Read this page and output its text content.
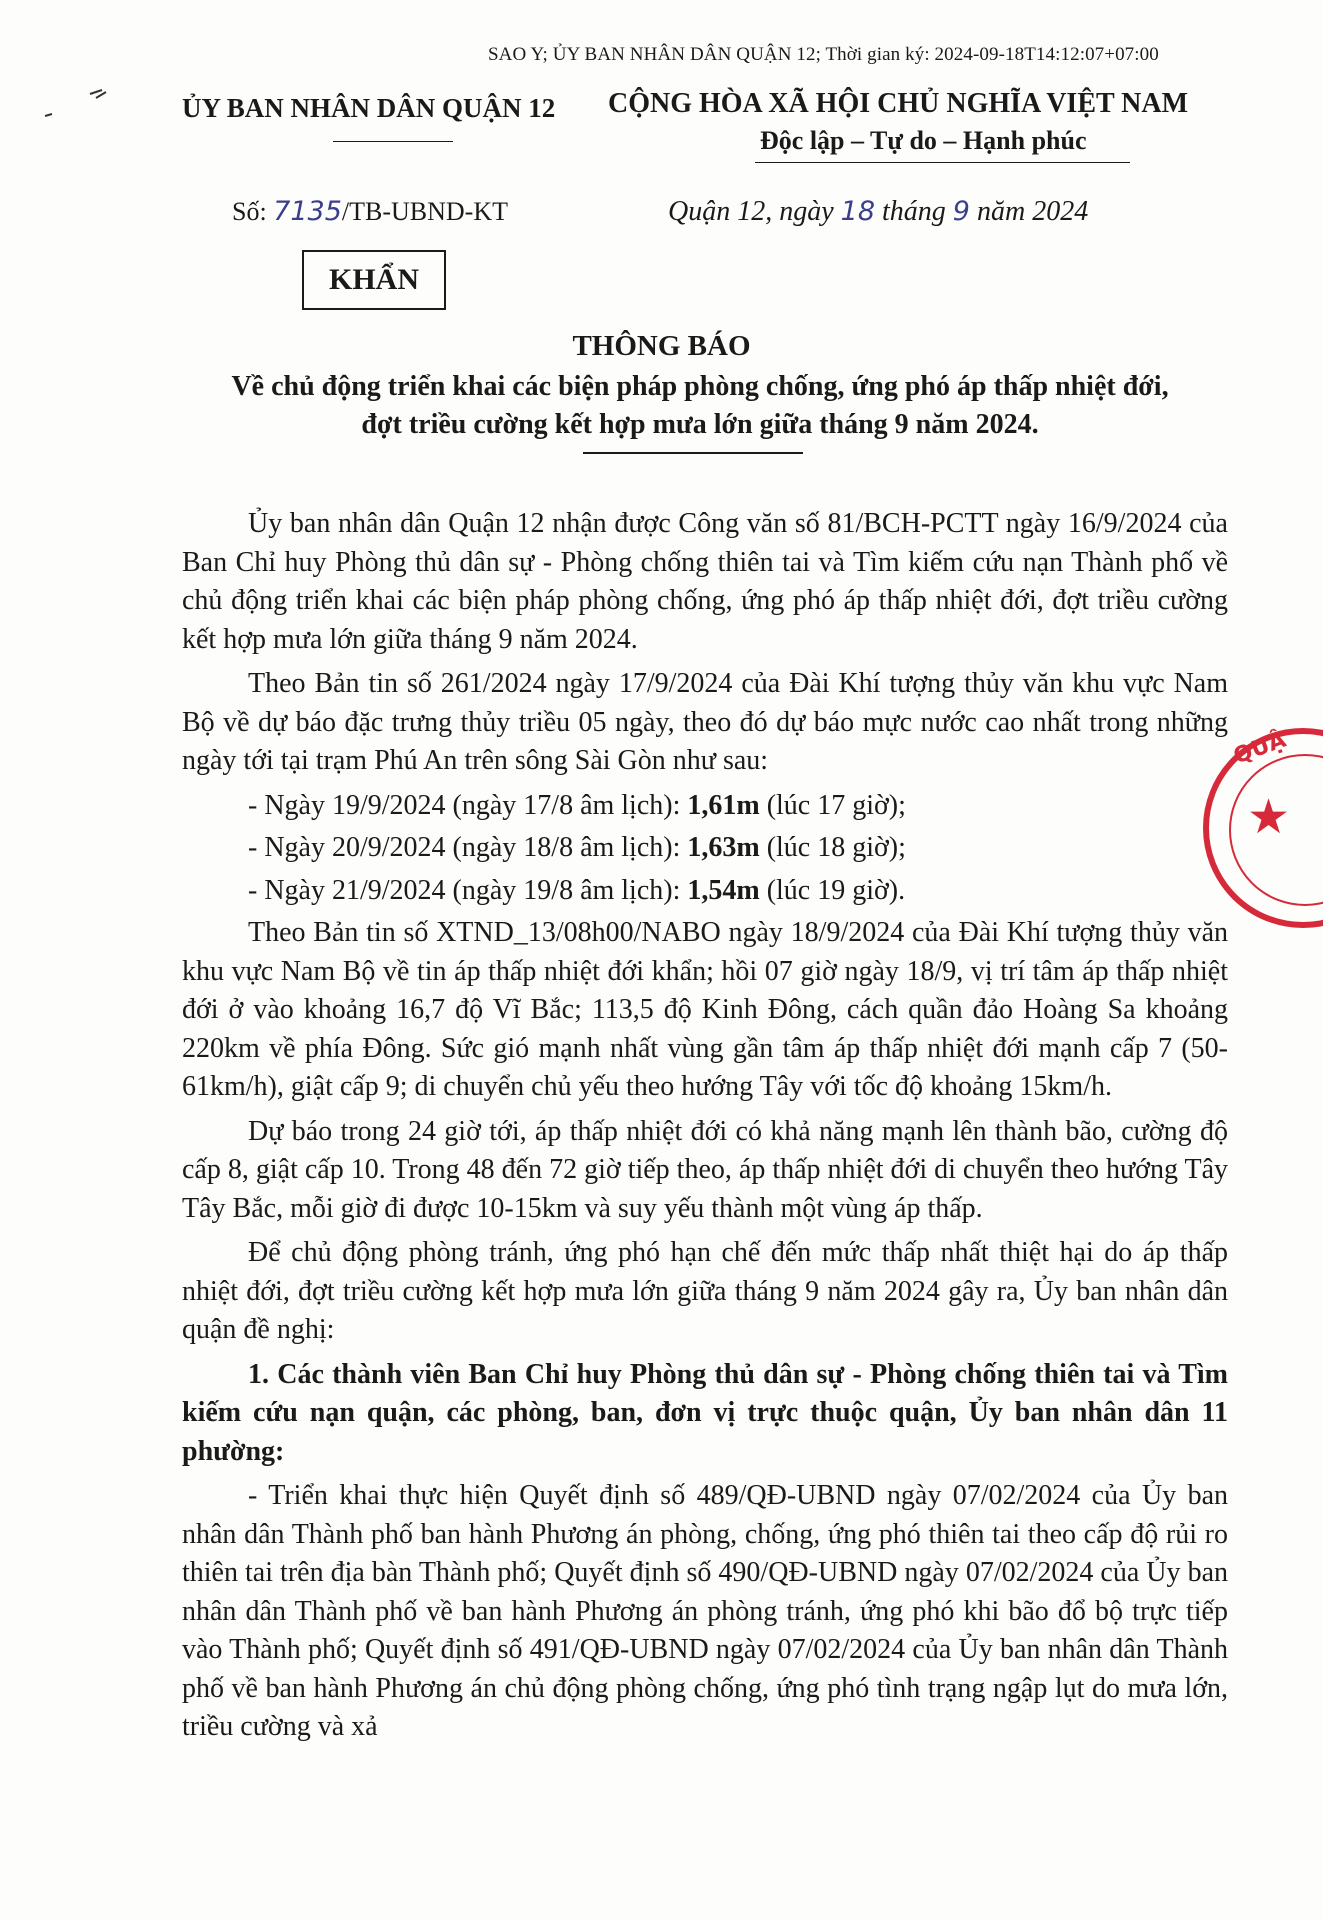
SAO Y; ỦY BAN NHÂN DÂN QUẬN 12; Thời gian ký: 2024-09-18T14:12:07+07:00
ỦY BAN NHÂN DÂN QUẬN 12 CỘNG HÒA XÃ HỘI CHỦ NGHĨA VIỆT NAM
Độc lập – Tự do – Hạnh phúc
Số: 7135/TB-UBND-KT	Quận 12, ngày 18 tháng 9 năm 2024
KHẨN
THÔNG BÁO
Về chủ động triển khai các biện pháp phòng chống, ứng phó áp thấp nhiệt đới, đợt triều cường kết hợp mưa lớn giữa tháng 9 năm 2024.
★
QUẬ

Ủy ban nhân dân Quận 12 nhận được Công văn số 81/BCH-PCTT ngày 16/9/2024 của Ban Chỉ huy Phòng thủ dân sự - Phòng chống thiên tai và Tìm kiếm cứu nạn Thành phố về chủ động triển khai các biện pháp phòng chống, ứng phó áp thấp nhiệt đới, đợt triều cường kết hợp mưa lớn giữa tháng 9 năm 2024.

Theo Bản tin số 261/2024 ngày 17/9/2024 của Đài Khí tượng thủy văn khu vực Nam Bộ về dự báo đặc trưng thủy triều 05 ngày, theo đó dự báo mực nước cao nhất trong những ngày tới tại trạm Phú An trên sông Sài Gòn như sau:

- Ngày 19/9/2024 (ngày 17/8 âm lịch): 1,61m (lúc 17 giờ);

- Ngày 20/9/2024 (ngày 18/8 âm lịch): 1,63m (lúc 18 giờ);

- Ngày 21/9/2024 (ngày 19/8 âm lịch): 1,54m (lúc 19 giờ).

Theo Bản tin số XTND_13/08h00/NABO ngày 18/9/2024 của Đài Khí tượng thủy văn khu vực Nam Bộ về tin áp thấp nhiệt đới khẩn; hồi 07 giờ ngày 18/9, vị trí tâm áp thấp nhiệt đới ở vào khoảng 16,7 độ Vĩ Bắc; 113,5 độ Kinh Đông, cách quần đảo Hoàng Sa khoảng 220km về phía Đông. Sức gió mạnh nhất vùng gần tâm áp thấp nhiệt đới mạnh cấp 7 (50-61km/h), giật cấp 9; di chuyển chủ yếu theo hướng Tây với tốc độ khoảng 15km/h.

Dự báo trong 24 giờ tới, áp thấp nhiệt đới có khả năng mạnh lên thành bão, cường độ cấp 8, giật cấp 10. Trong 48 đến 72 giờ tiếp theo, áp thấp nhiệt đới di chuyển theo hướng Tây Tây Bắc, mỗi giờ đi được 10-15km và suy yếu thành một vùng áp thấp.

Để chủ động phòng tránh, ứng phó hạn chế đến mức thấp nhất thiệt hại do áp thấp nhiệt đới, đợt triều cường kết hợp mưa lớn giữa tháng 9 năm 2024 gây ra, Ủy ban nhân dân quận đề nghị:

1. Các thành viên Ban Chỉ huy Phòng thủ dân sự - Phòng chống thiên tai và Tìm kiếm cứu nạn quận, các phòng, ban, đơn vị trực thuộc quận, Ủy ban nhân dân 11 phường:

- Triển khai thực hiện Quyết định số 489/QĐ-UBND ngày 07/02/2024 của Ủy ban nhân dân Thành phố ban hành Phương án phòng, chống, ứng phó thiên tai theo cấp độ rủi ro thiên tai trên địa bàn Thành phố; Quyết định số 490/QĐ-UBND ngày 07/02/2024 của Ủy ban nhân dân Thành phố về ban hành Phương án phòng tránh, ứng phó khi bão đổ bộ trực tiếp vào Thành phố; Quyết định số 491/QĐ-UBND ngày 07/02/2024 của Ủy ban nhân dân Thành phố về ban hành Phương án chủ động phòng chống, ứng phó tình trạng ngập lụt do mưa lớn, triều cường và xả
